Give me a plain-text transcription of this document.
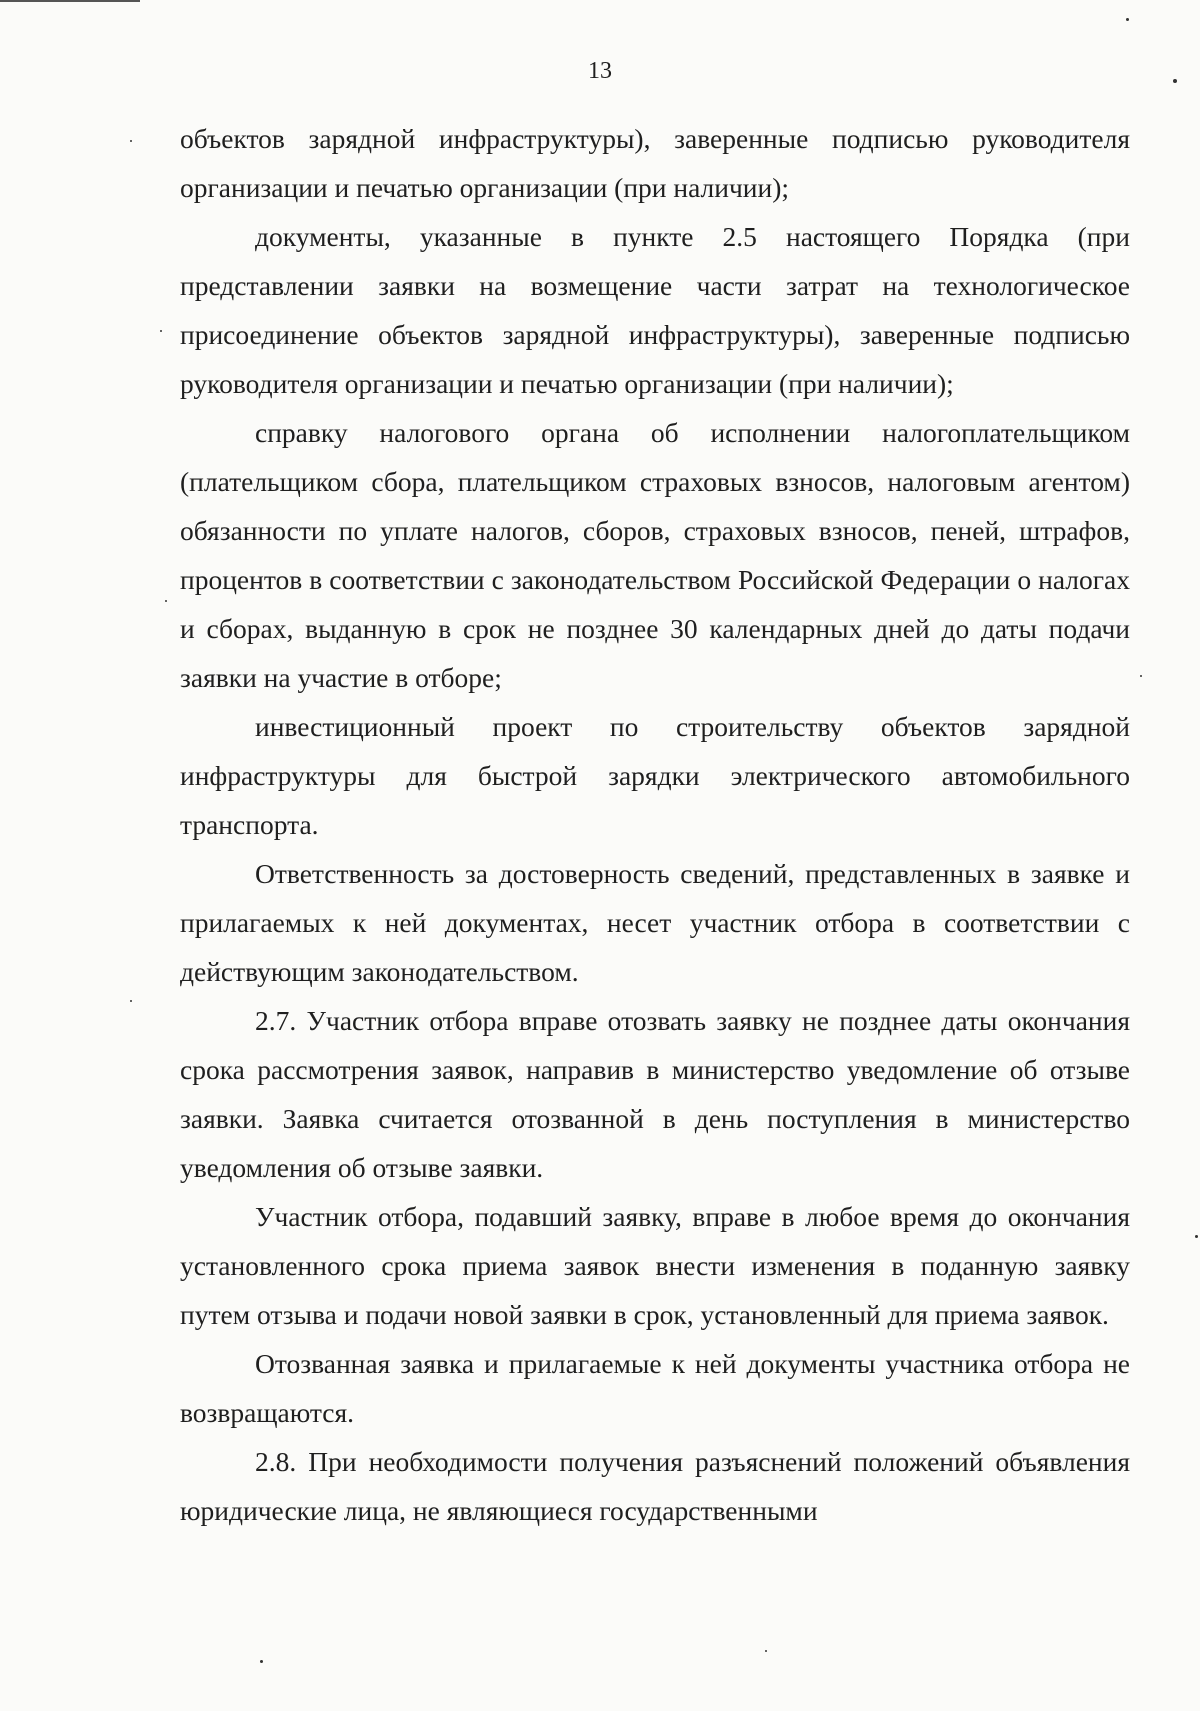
13

объектов зарядной инфраструктуры), заверенные подписью руководителя организации и печатью организации (при наличии);

документы, указанные в пункте 2.5 настоящего Порядка (при представлении заявки на возмещение части затрат на технологическое присоединение объектов зарядной инфраструктуры), заверенные подписью руководителя организации и печатью организации (при наличии);

справку налогового органа об исполнении налогоплательщиком (плательщиком сбора, плательщиком страховых взносов, налоговым агентом) обязанности по уплате налогов, сборов, страховых взносов, пеней, штрафов, процентов в соответствии с законодательством Российской Федерации о налогах и сборах, выданную в срок не позднее 30 календарных дней до даты подачи заявки на участие в отборе;

инвестиционный проект по строительству объектов зарядной инфраструктуры для быстрой зарядки электрического автомобильного транспорта.

Ответственность за достоверность сведений, представленных в заявке и прилагаемых к ней документах, несет участник отбора в соответствии с действующим законодательством.

2.7. Участник отбора вправе отозвать заявку не позднее даты окончания срока рассмотрения заявок, направив в министерство уведомление об отзыве заявки. Заявка считается отозванной в день поступления в министерство уведомления об отзыве заявки.

Участник отбора, подавший заявку, вправе в любое время до окончания установленного срока приема заявок внести изменения в поданную заявку путем отзыва и подачи новой заявки в срок, установленный для приема заявок.

Отозванная заявка и прилагаемые к ней документы участника отбора не возвращаются.

2.8. При необходимости получения разъяснений положений объявления юридические лица, не являющиеся государственными
